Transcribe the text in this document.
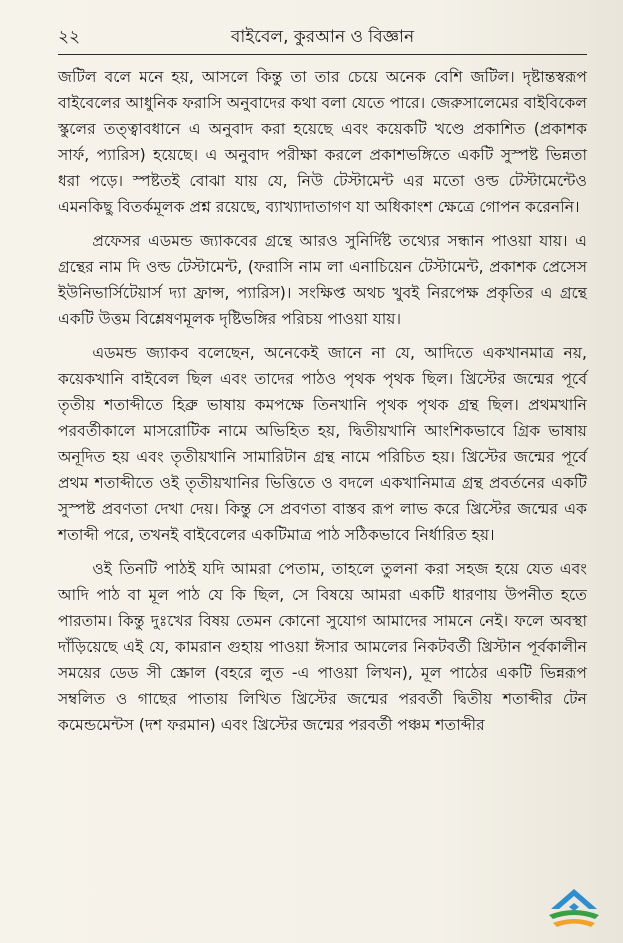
২২	বাইবেল, কুরআন ও বিজ্ঞান

জটিল বলে মনে হয়, আসলে কিন্তু তা তার চেয়ে অনেক বেশি জটিল। দৃষ্টান্তস্বরূপ বাইবেলের আধুনিক ফরাসি অনুবাদের কথা বলা যেতে পারে। জেরুসালেমের বাইবিকেল স্কুলের তত্ত্বাবধানে এ অনুবাদ করা হয়েছে এবং কয়েকটি খণ্ডে প্রকাশিত (প্রকাশক সার্ফ, প্যারিস) হয়েছে। এ অনুবাদ পরীক্ষা করলে প্রকাশভঙ্গিতে একটি সুস্পষ্ট ভিন্নতা ধরা পড়ে। স্পষ্টতই বোঝা যায় যে, নিউ টেস্টামেন্ট এর মতো ওল্ড টেস্টামেন্টেও এমনকিছু বিতর্কমূলক প্রশ্ন রয়েছে, ব্যাখ্যাদাতাগণ যা অধিকাংশ ক্ষেত্রে গোপন করেননি।

প্রফেসর এডমন্ড জ্যাকবের গ্রন্থে আরও সুনির্দিষ্ট তথ্যের সন্ধান পাওয়া যায়। এ গ্রন্থের নাম দি ওল্ড টেস্টামেন্ট, (ফরাসি নাম লা এনাচিয়েন টেস্টামেন্ট, প্রকাশক প্রেসেস ইউনিভার্সিটেয়ার্স দ্যা ফ্রান্স, প্যারিস)। সংক্ষিপ্ত অথচ খুবই নিরপেক্ষ প্রকৃতির এ গ্রন্থে একটি উত্তম বিশ্লেষণমূলক দৃষ্টিভঙ্গির পরিচয় পাওয়া যায়।

এডমন্ড জ্যাকব বলেছেন, অনেকেই জানে না যে, আদিতে একখানমাত্র নয়, কয়েকখানি বাইবেল ছিল এবং তাদের পাঠও পৃথক পৃথক ছিল। খ্রিস্টের জন্মের পূর্বে তৃতীয় শতাব্দীতে হিব্রু ভাষায় কমপক্ষে তিনখানি পৃথক পৃথক গ্রন্থ ছিল। প্রথমখানি পরবর্তীকালে মাসরোটিক নামে অভিহিত হয়, দ্বিতীয়খানি আংশিকভাবে গ্রিক ভাষায় অনূদিত হয় এবং তৃতীয়খানি সামারিটান গ্রন্থ নামে পরিচিত হয়। খ্রিস্টের জন্মের পূর্বে প্রথম শতাব্দীতে ওই তৃতীয়খানির ভিত্তিতে ও বদলে একখানিমাত্র গ্রন্থ প্রবর্তনের একটি সুস্পষ্ট প্রবণতা দেখা দেয়। কিন্তু সে প্রবণতা বাস্তব রূপ লাভ করে খ্রিস্টের জন্মের এক শতাব্দী পরে, তখনই বাইবেলের একটিমাত্র পাঠ সঠিকভাবে নির্ধারিত হয়।

ওই তিনটি পাঠই যদি আমরা পেতাম, তাহলে তুলনা করা সহজ হয়ে যেত এবং আদি পাঠ বা মূল পাঠ যে কি ছিল, সে বিষয়ে আমরা একটি ধারণায় উপনীত হতে পারতাম। কিন্তু দুঃখের বিষয় তেমন কোনো সুযোগ আমাদের সামনে নেই। ফলে অবস্থা দাঁড়িয়েছে এই যে, কামরান গুহায় পাওয়া ঈসার আমলের নিকটবর্তী খ্রিস্টান পূর্বকালীন সময়ের ডেড সী স্ক্রোল (বহরে লুত -এ পাওয়া লিখন), মূল পাঠের একটি ভিন্নরূপ সম্বলিত ও গাছের পাতায় লিখিত খ্রিস্টের জন্মের পরবর্তী দ্বিতীয় শতাব্দীর টেন কমেন্ডমেন্টস (দশ ফরমান) এবং খ্রিস্টের জন্মের পরবর্তী পঞ্চম শতাব্দীর
